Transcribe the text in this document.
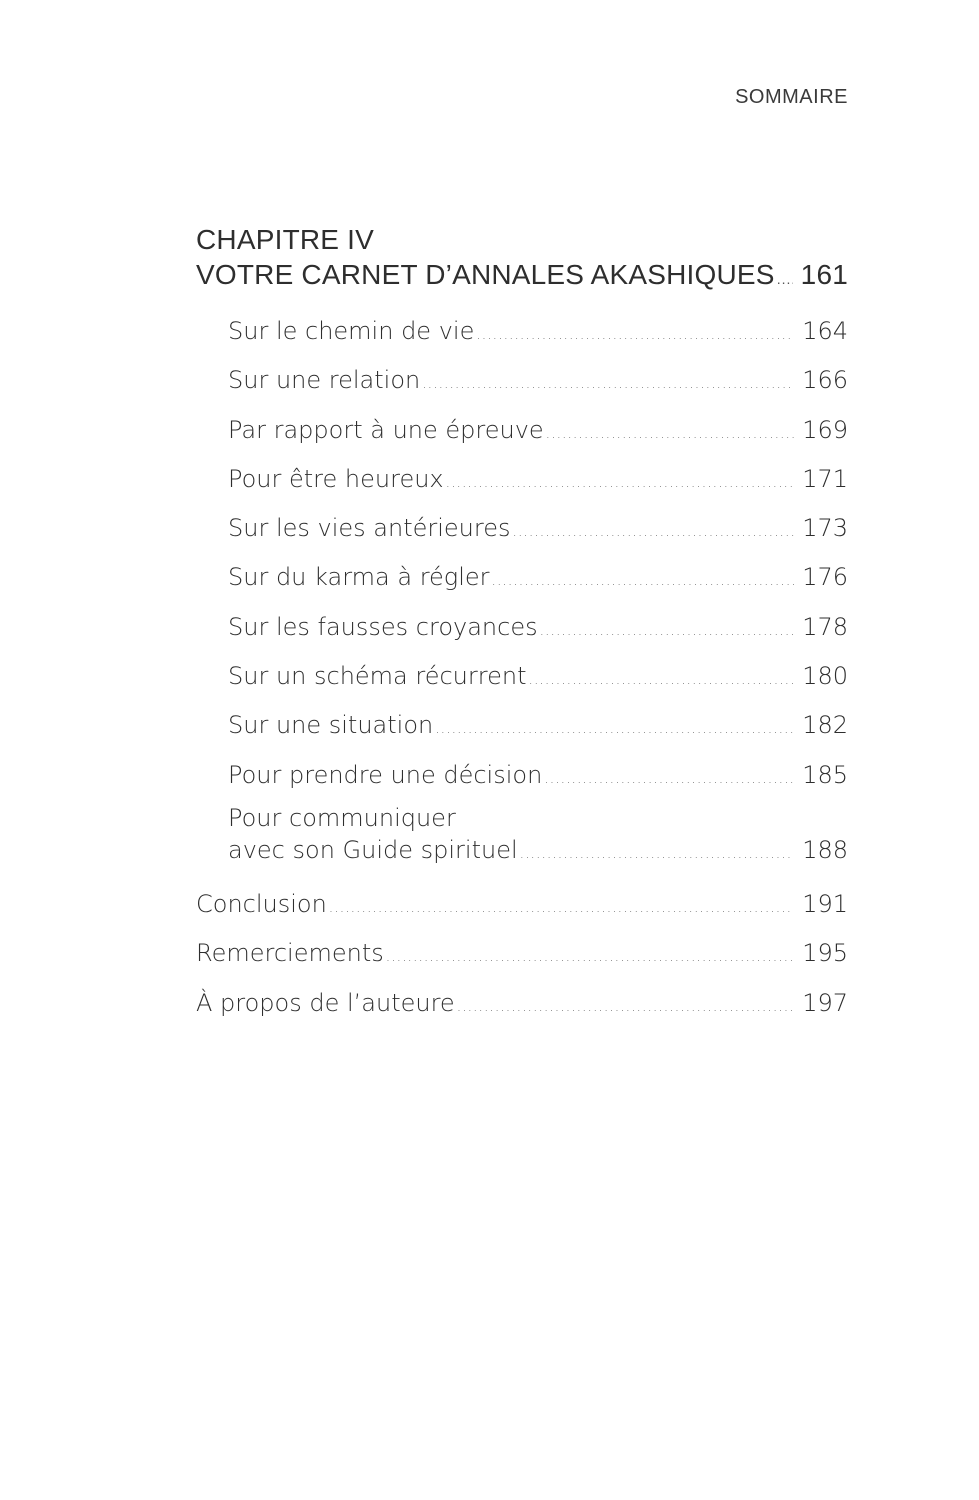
SOMMAIRE
CHAPITRE IV
VOTRE CARNET D’ANNALES AKASHIQUES ..... 161
Sur le chemin de vie .....	164
Sur une relation .....	166
Par rapport à une épreuve .....	169
Pour être heureux .....	171
Sur les vies antérieures .....	173
Sur du karma à régler .....	176
Sur les fausses croyances .....	178
Sur un schéma récurrent .....	180
Sur une situation .....	182
Pour prendre une décision .....	185
Pour communiquer
avec son Guide spirituel .....	188
Conclusion .....	191
Remerciements .....	195
À propos de l’auteure .....	197
